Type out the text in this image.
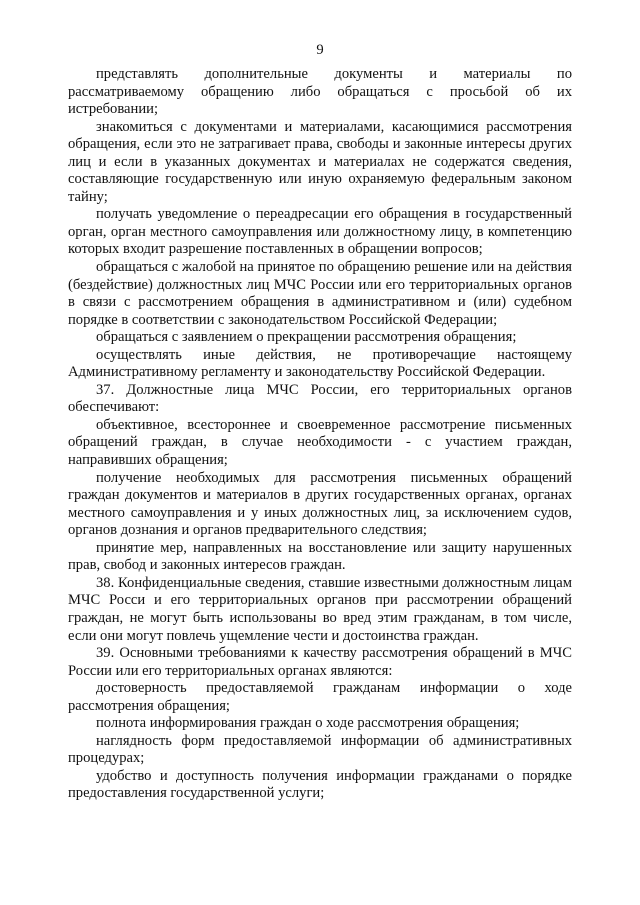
9

представлять дополнительные документы и материалы по рассматриваемому обращению либо обращаться с просьбой об их истребовании;

знакомиться с документами и материалами, касающимися рассмотрения обращения, если это не затрагивает права, свободы и законные интересы других лиц и если в указанных документах и материалах не содержатся сведения, составляющие государственную или иную охраняемую федеральным законом тайну;

получать уведомление о переадресации его обращения в государственный орган, орган местного самоуправления или должностному лицу, в компетенцию которых входит разрешение поставленных в обращении вопросов;

обращаться с жалобой на принятое по обращению решение или на действия (бездействие) должностных лиц МЧС России или его территориальных органов в связи с рассмотрением обращения в административном и (или) судебном порядке в соответствии с законодательством Российской Федерации;

обращаться с заявлением о прекращении рассмотрения обращения;

осуществлять иные действия, не противоречащие настоящему Административному регламенту и законодательству Российской Федерации.

37. Должностные лица МЧС России, его территориальных органов обеспечивают:

объективное, всестороннее и своевременное рассмотрение письменных обращений граждан, в случае необходимости - с участием граждан, направивших обращения;

получение необходимых для рассмотрения письменных обращений граждан документов и материалов в других государственных органах, органах местного самоуправления и у иных должностных лиц, за исключением судов, органов дознания и органов предварительного следствия;

принятие мер, направленных на восстановление или защиту нарушенных прав, свобод и законных интересов граждан.

38. Конфиденциальные сведения, ставшие известными должностным лицам МЧС Росси и его территориальных органов при рассмотрении обращений граждан, не могут быть использованы во вред этим гражданам, в том числе, если они могут повлечь ущемление чести и достоинства граждан.

39. Основными требованиями к качеству рассмотрения обращений в МЧС России или его территориальных органах являются:

достоверность предоставляемой гражданам информации о ходе рассмотрения обращения;

полнота информирования граждан о ходе рассмотрения обращения;

наглядность форм предоставляемой информации об административных процедурах;

удобство и доступность получения информации гражданами о порядке предоставления государственной услуги;
